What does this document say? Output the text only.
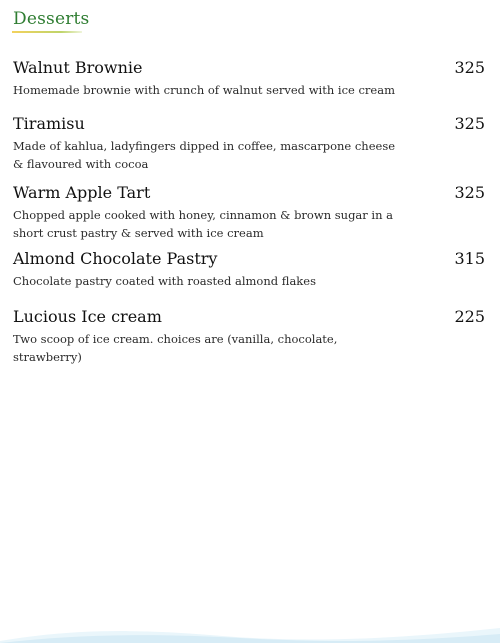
Desserts
Walnut Brownie	325
Homemade brownie with crunch of walnut served with ice cream
Tiramisu	325
Made of kahlua, ladyfingers dipped in coffee, mascarpone cheese & flavoured with cocoa
Warm Apple Tart	325
Chopped apple cooked with honey, cinnamon & brown sugar in a short crust pastry & served with ice cream
Almond Chocolate Pastry	315
Chocolate pastry coated with roasted almond flakes
Lucious Ice cream	225
Two scoop of ice cream. choices are (vanilla, chocolate, strawberry)
